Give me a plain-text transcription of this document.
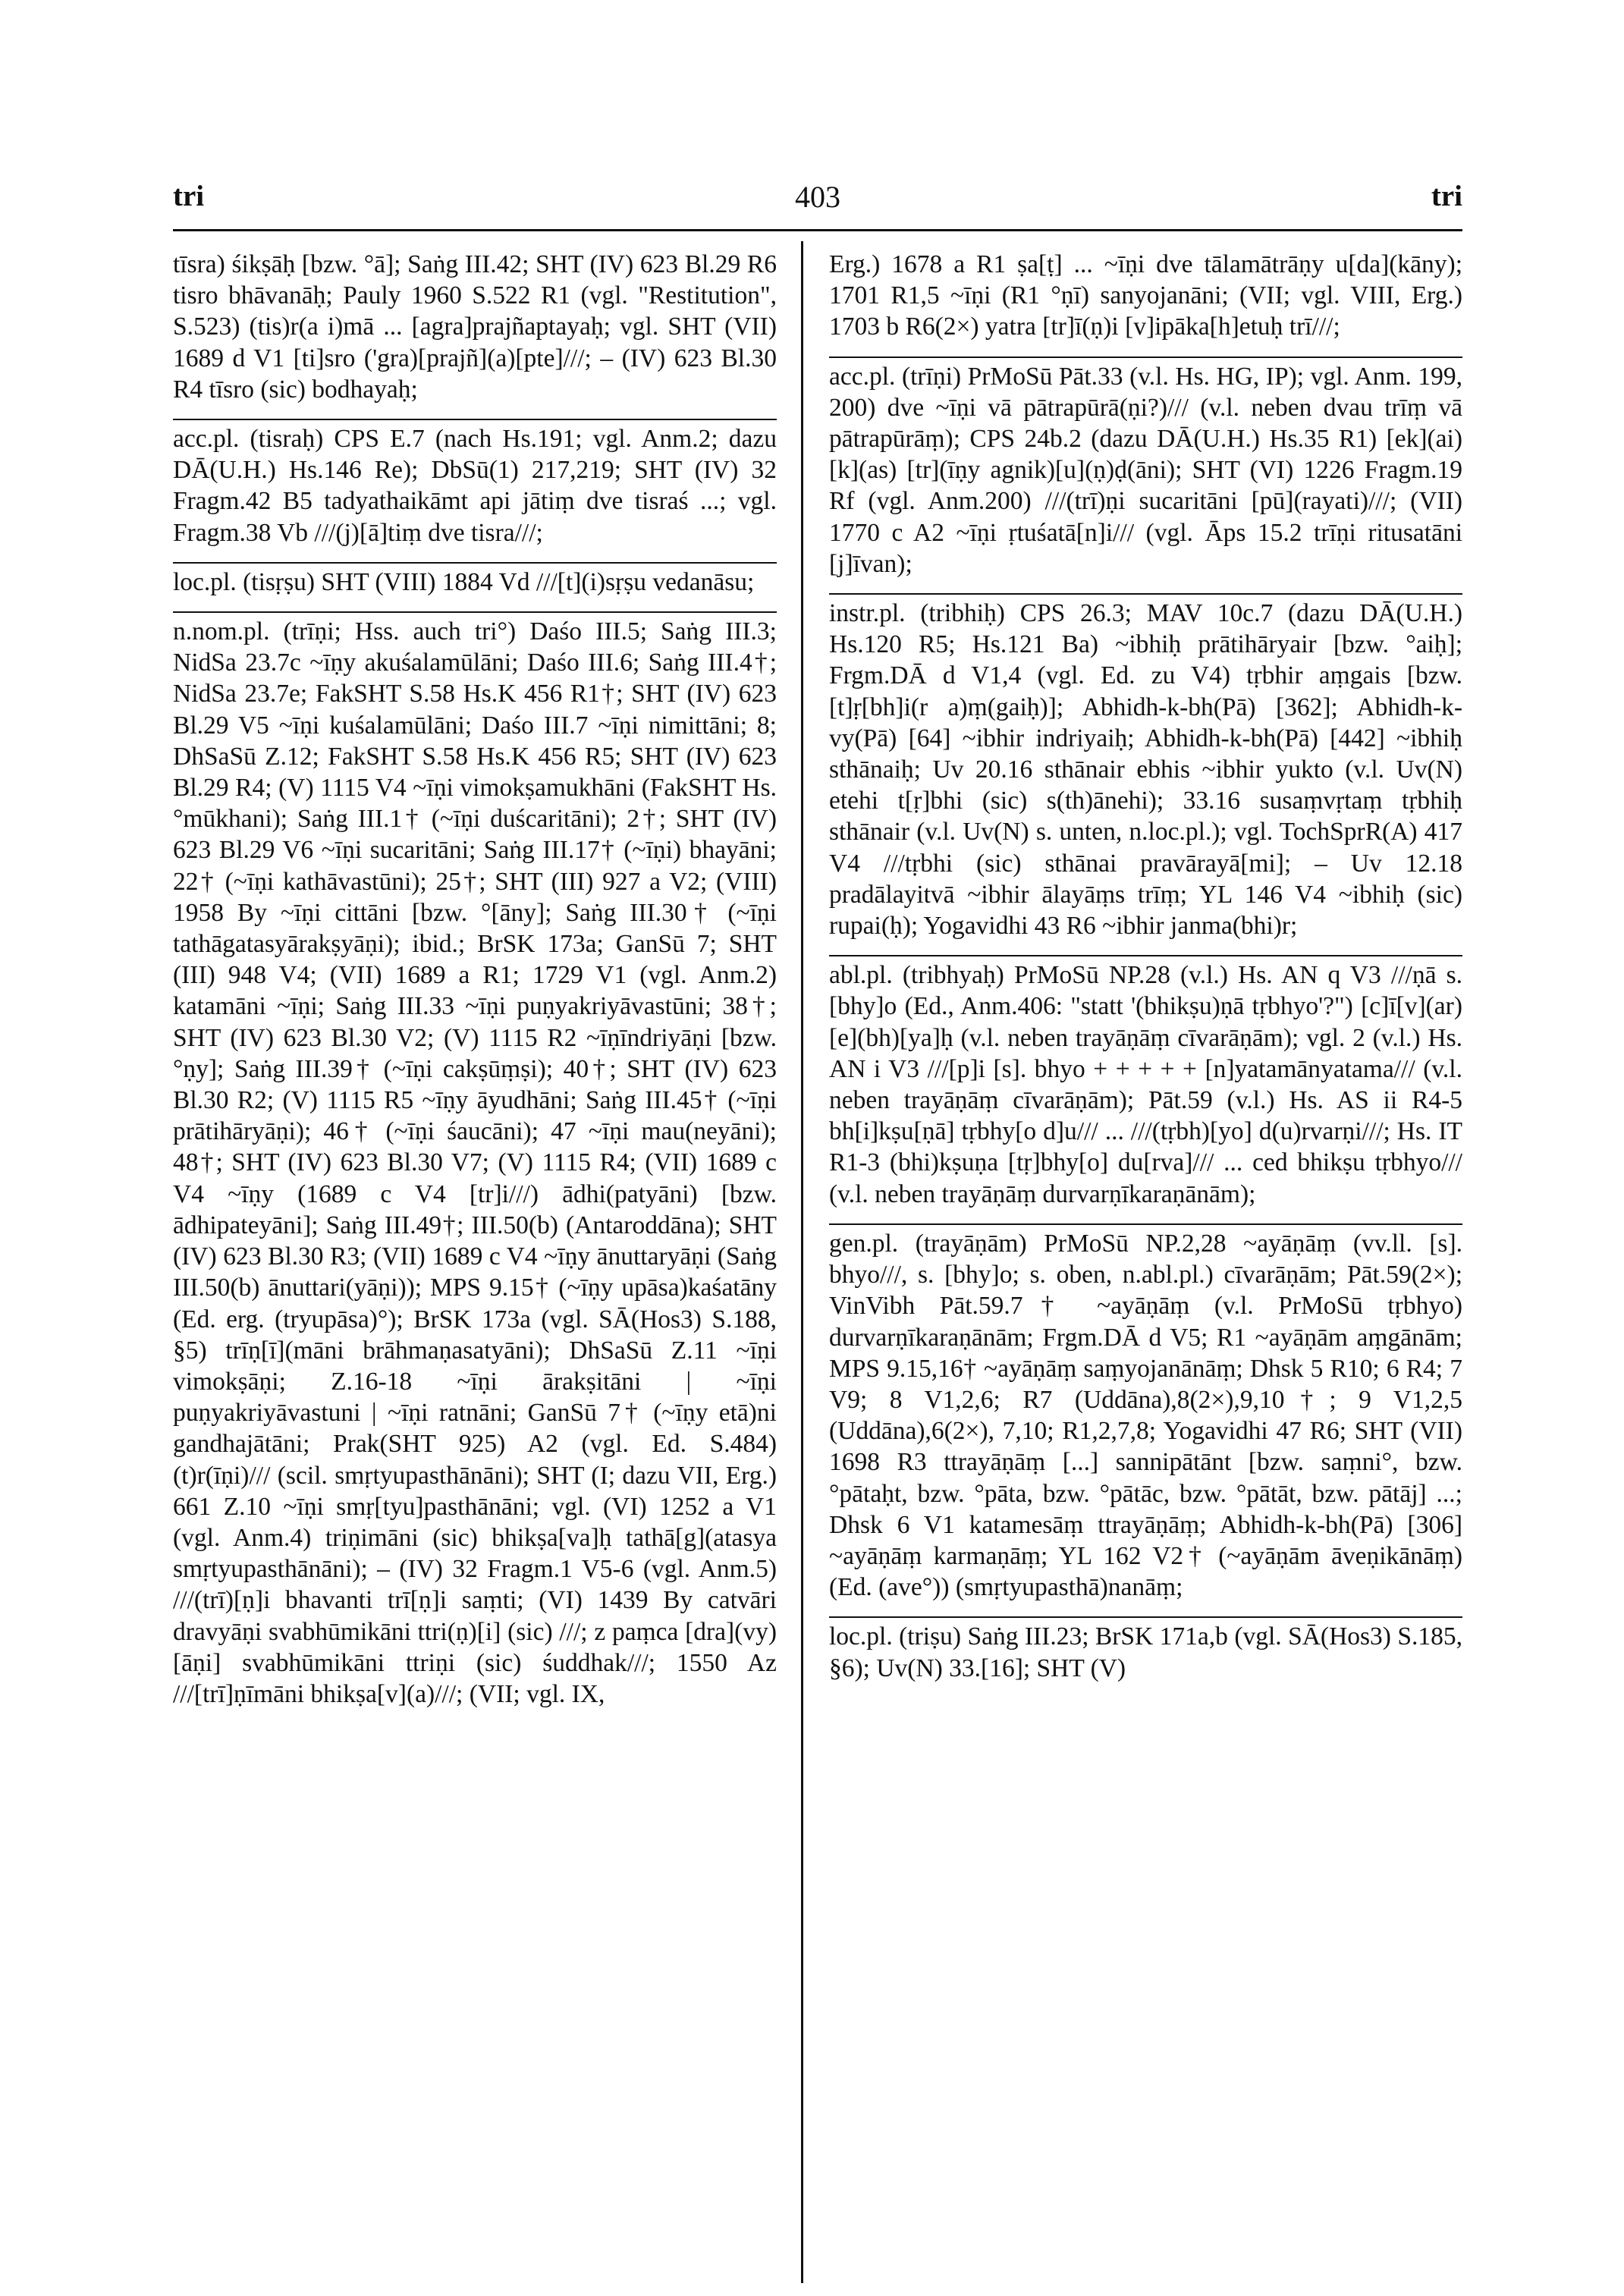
tri	403	tri

tīsra) śikṣāḥ [bzw. °ā]; Saṅg III.42; SHT (IV) 623 Bl.29 R6 tisro bhāvanāḥ; Pauly 1960 S.522 R1 (vgl. "Restitution", S.523) (tis)r(a i)mā ... [agra]prajñaptayaḥ; vgl. SHT (VII) 1689 d V1 [ti]sro ('gra)[prajñ](a)[pte]///; – (IV) 623 Bl.30 R4 tīsro (sic) bodhayaḥ;

acc.pl. (tisraḥ) CPS E.7 (nach Hs.191; vgl. Anm.2; dazu DĀ(U.H.) Hs.146 Re); DbSū(1) 217,219; SHT (IV) 32 Fragm.42 B5 tadyathaikāmt api jātiṃ dve tisraś ...; vgl. Fragm.38 Vb ///(j)[ā]tiṃ dve tisra///;

loc.pl. (tisṛṣu) SHT (VIII) 1884 Vd ///[t](i)sṛṣu vedanāsu;

n.nom.pl. (trīṇi; Hss. auch tri°) Daśo III.5; Saṅg III.3; NidSa 23.7c ~īṇy akuśalamūlāni; Daśo III.6; Saṅg III.4†; NidSa 23.7e; FakSHT S.58 Hs.K 456 R1†; SHT (IV) 623 Bl.29 V5 ~īṇi kuśalamūlāni; Daśo III.7 ~īṇi nimittāni; 8; DhSaSū Z.12; FakSHT S.58 Hs.K 456 R5; SHT (IV) 623 Bl.29 R4; (V) 1115 V4 ~īṇi vimokṣamukhāni (FakSHT Hs. °mūkhani); Saṅg III.1† (~īṇi duścaritāni); 2†; SHT (IV) 623 Bl.29 V6 ~īṇi sucaritāni; Saṅg III.17† (~īṇi) bhayāni; 22† (~īṇi kathāvastūni); 25†; SHT (III) 927 a V2; (VIII) 1958 By ~īṇi cittāni [bzw. °[āny]; Saṅg III.30† (~īṇi tathāgatasyārakṣyāṇi); ibid.; BrSK 173a; GanSū 7; SHT (III) 948 V4; (VII) 1689 a R1; 1729 V1 (vgl. Anm.2) katamāni ~īṇi; Saṅg III.33 ~īṇi puṇyakriyāvastūni; 38†; SHT (IV) 623 Bl.30 V2; (V) 1115 R2 ~īṇīndriyāṇi [bzw. °ṇy]; Saṅg III.39† (~īṇi cakṣūṃṣi); 40†; SHT (IV) 623 Bl.30 R2; (V) 1115 R5 ~īṇy āyudhāni; Saṅg III.45† (~īṇi prātihāryāṇi); 46† (~īṇi śaucāni); 47 ~īṇi mau(neyāni); 48†; SHT (IV) 623 Bl.30 V7; (V) 1115 R4; (VII) 1689 c V4 ~īṇy (1689 c V4 [tr]i///) ādhi(patyāni) [bzw. ādhipateyāni]; Saṅg III.49†; III.50(b) (Antaroddāna); SHT (IV) 623 Bl.30 R3; (VII) 1689 c V4 ~īṇy ānuttaryāṇi (Saṅg III.50(b) ānuttari(yāṇi)); MPS 9.15† (~īṇy upāsa)kaśatāny (Ed. erg. (tryupāsa)°); BrSK 173a (vgl. SĀ(Hos3) S.188, §5) trīṇ[ī](māni brāhmaṇasatyāni); DhSaSū Z.11 ~īṇi vimokṣāṇi; Z.16-18 ~īṇi ārakṣitāni | ~īṇi puṇyakriyāvastuni | ~īṇi ratnāni; GanSū 7† (~īṇy etā)ni gandhajātāni; Prak(SHT 925) A2 (vgl. Ed. S.484) (t)r(īṇi)/// (scil. smṛtyupasthānāni); SHT (I; dazu VII, Erg.) 661 Z.10 ~īṇi smṛ[tyu]pasthānāni; vgl. (VI) 1252 a V1 (vgl. Anm.4) triṇimāni (sic) bhikṣa[va]ḥ tathā[g](atasya smṛtyupasthānāni); – (IV) 32 Fragm.1 V5-6 (vgl. Anm.5) ///(trī)[ṇ]i bhavanti trī[ṇ]i saṃti; (VI) 1439 By catvāri dravyāṇi svabhūmikāni ttri(ṇ)[i] (sic) ///; z paṃca [dra](vy)[āṇi] svabhūmikāni ttriṇi (sic) śuddhak///; 1550 Az ///[trī]ṇīmāni bhikṣa[v](a)///; (VII; vgl. IX,

Erg.) 1678 a R1 ṣa[ṭ] ... ~īṇi dve tālamātrāṇy u[da](kāny); 1701 R1,5 ~īṇi (R1 °ṇī) sanyojanāni; (VII; vgl. VIII, Erg.) 1703 b R6(2×) yatra [tr]ī(ṇ)i [v]ipāka[h]etuḥ trī///;

acc.pl. (trīṇi) PrMoSū Pāt.33 (v.l. Hs. HG, IP); vgl. Anm. 199, 200) dve ~īṇi vā pātrapūrā(ṇi?)/// (v.l. neben dvau trīṃ vā pātrapūrāṃ); CPS 24b.2 (dazu DĀ(U.H.) Hs.35 R1) [ek](ai)[k](as) [tr](īṇy agnik)[u](ṇ)ḍ(āni); SHT (VI) 1226 Fragm.19 Rf (vgl. Anm.200) ///(trī)ṇi sucaritāni [pū](rayati)///; (VII) 1770 c A2 ~īṇi ṛtuśatā[n]i/// (vgl. Āps 15.2 trīṇi ritusatāni [j]īvan);

instr.pl. (tribhiḥ) CPS 26.3; MAV 10c.7 (dazu DĀ(U.H.) Hs.120 R5; Hs.121 Ba) ~ibhiḥ prātihāryair [bzw. °aiḥ]; Frgm.DĀ d V1,4 (vgl. Ed. zu V4) tṛbhir aṃgais [bzw. [t]ṛ[bh]i(r a)ṃ(gaiḥ)]; Abhidh-k-bh(Pā) [362]; Abhidh-k-vy(Pā) [64] ~ibhir indriyaiḥ; Abhidh-k-bh(Pā) [442] ~ibhiḥ sthānaiḥ; Uv 20.16 sthānair ebhis ~ibhir yukto (v.l. Uv(N) etehi t[ṛ]bhi (sic) s(th)ānehi); 33.16 susaṃvṛtaṃ tṛbhiḥ sthānair (v.l. Uv(N) s. unten, n.loc.pl.); vgl. TochSprR(A) 417 V4 ///tṛbhi (sic) sthānai pravārayā[mi]; – Uv 12.18 pradālayitvā ~ibhir ālayāṃs trīṃ; YL 146 V4 ~ibhiḥ (sic) rupai(ḥ); Yogavidhi 43 R6 ~ibhir janma(bhi)r;

abl.pl. (tribhyaḥ) PrMoSū NP.28 (v.l.) Hs. AN q V3 ///ṇā s. [bhy]o (Ed., Anm.406: "statt '(bhikṣu)ṇā tṛbhyo'?") [c]ī[v](ar)[e](bh)[ya]ḥ (v.l. neben trayāṇāṃ cīvarāṇām); vgl. 2 (v.l.) Hs. AN i V3 ///[p]i [s]. bhyo + + + + + [n]yatamānyatama/// (v.l. neben trayāṇāṃ cīvarāṇām); Pāt.59 (v.l.) Hs. AS ii R4-5 bh[i]kṣu[ṇā] tṛbhy[o d]u/// ... ///(tṛbh)[yo] d(u)rvarṇi///; Hs. IT R1-3 (bhi)kṣuṇa [tṛ]bhy[o] du[rva]/// ... ced bhikṣu tṛbhyo/// (v.l. neben trayāṇāṃ durvarṇīkaraṇānām);

gen.pl. (trayāṇām) PrMoSū NP.2,28 ~ayāṇāṃ (vv.ll. [s]. bhyo///, s. [bhy]o; s. oben, n.abl.pl.) cīvarāṇām; Pāt.59(2×); VinVibh Pāt.59.7† ~ayāṇāṃ (v.l. PrMoSū tṛbhyo) durvarṇīkaraṇānām; Frgm.DĀ d V5; R1 ~ayāṇām aṃgānām; MPS 9.15,16† ~ayāṇāṃ saṃyojanānāṃ; Dhsk 5 R10; 6 R4; 7 V9; 8 V1,2,6; R7 (Uddāna),8(2×),9,10†; 9 V1,2,5 (Uddāna),6(2×), 7,10; R1,2,7,8; Yogavidhi 47 R6; SHT (VII) 1698 R3 ttrayāṇāṃ [...] sannipātānt [bzw. saṃni°, bzw. °pātaḥt, bzw. °pāta, bzw. °pātāc, bzw. °pātāt, bzw. pātāj] ...; Dhsk 6 V1 katamesāṃ ttrayāṇāṃ; Abhidh-k-bh(Pā) [306] ~ayāṇāṃ karmaṇāṃ; YL 162 V2† (~ayāṇām āveṇikānāṃ) (Ed. (ave°)) (smṛtyupasthā)nanāṃ;

loc.pl. (triṣu) Saṅg III.23; BrSK 171a,b (vgl. SĀ(Hos3) S.185, §6); Uv(N) 33.[16]; SHT (V)
